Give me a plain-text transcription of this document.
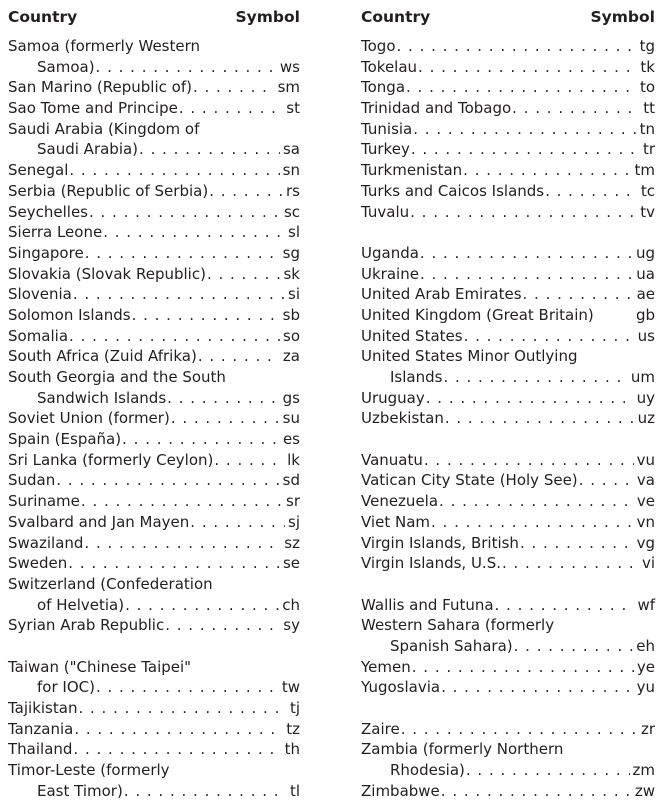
Country	Symbol
Samoa (formerly Western
Samoa) . . .	ws
San Marino (Republic of) . . .	sm
Sao Tome and Principe . . .	st
Saudi Arabia (Kingdom of
Saudi Arabia) . . .	sa
Senegal . . .	sn
Serbia (Republic of Serbia) . . .	rs
Seychelles . . .	sc
Sierra Leone . . .	sl
Singapore . . .	sg
Slovakia (Slovak Republic) . . .	sk
Slovenia . . .	si
Solomon Islands . . .	sb
Somalia . . .	so
South Africa (Zuid Afrika) . . .	za
South Georgia and the South
Sandwich Islands . . .	gs
Soviet Union (former) . . .	su
Spain (España) . . .	es
Sri Lanka (formerly Ceylon) . . .	lk
Sudan . . .	sd
Suriname . . .	sr
Svalbard and Jan Mayen . . .	sj
Swaziland . . .	sz
Sweden . . .	se
Switzerland (Confederation
of Helvetia) . . .	ch
Syrian Arab Republic . . .	sy
Taiwan ("Chinese Taipei"
for IOC) . . .	tw
Tajikistan . . .	tj
Tanzania . . .	tz
Thailand . . .	th
Timor-Leste (formerly
East Timor) . . .	tl
Country	Symbol
Togo . . .	tg
Tokelau . . .	tk
Tonga . . .	to
Trinidad and Tobago . . .	tt
Tunisia . . .	tn
Turkey . . .	tr
Turkmenistan . . .	tm
Turks and Caicos Islands . . .	tc
Tuvalu . . .	tv
Uganda . . .	ug
Ukraine . . .	ua
United Arab Emirates . . .	ae
United Kingdom (Great Britain)	gb
United States . . .	us
United States Minor Outlying
Islands . . .	um
Uruguay . . .	uy
Uzbekistan . . .	uz
Vanuatu . . .	vu
Vatican City State (Holy See) . . .	va
Venezuela . . .	ve
Viet Nam . . .	vn
Virgin Islands, British . . .	vg
Virgin Islands, U.S. . . .	vi
Wallis and Futuna . . .	wf
Western Sahara (formerly
Spanish Sahara) . . .	eh
Yemen . . .	ye
Yugoslavia . . .	yu
Zaire . . .	zr
Zambia (formerly Northern
Rhodesia) . . .	zm
Zimbabwe . . .	zw
